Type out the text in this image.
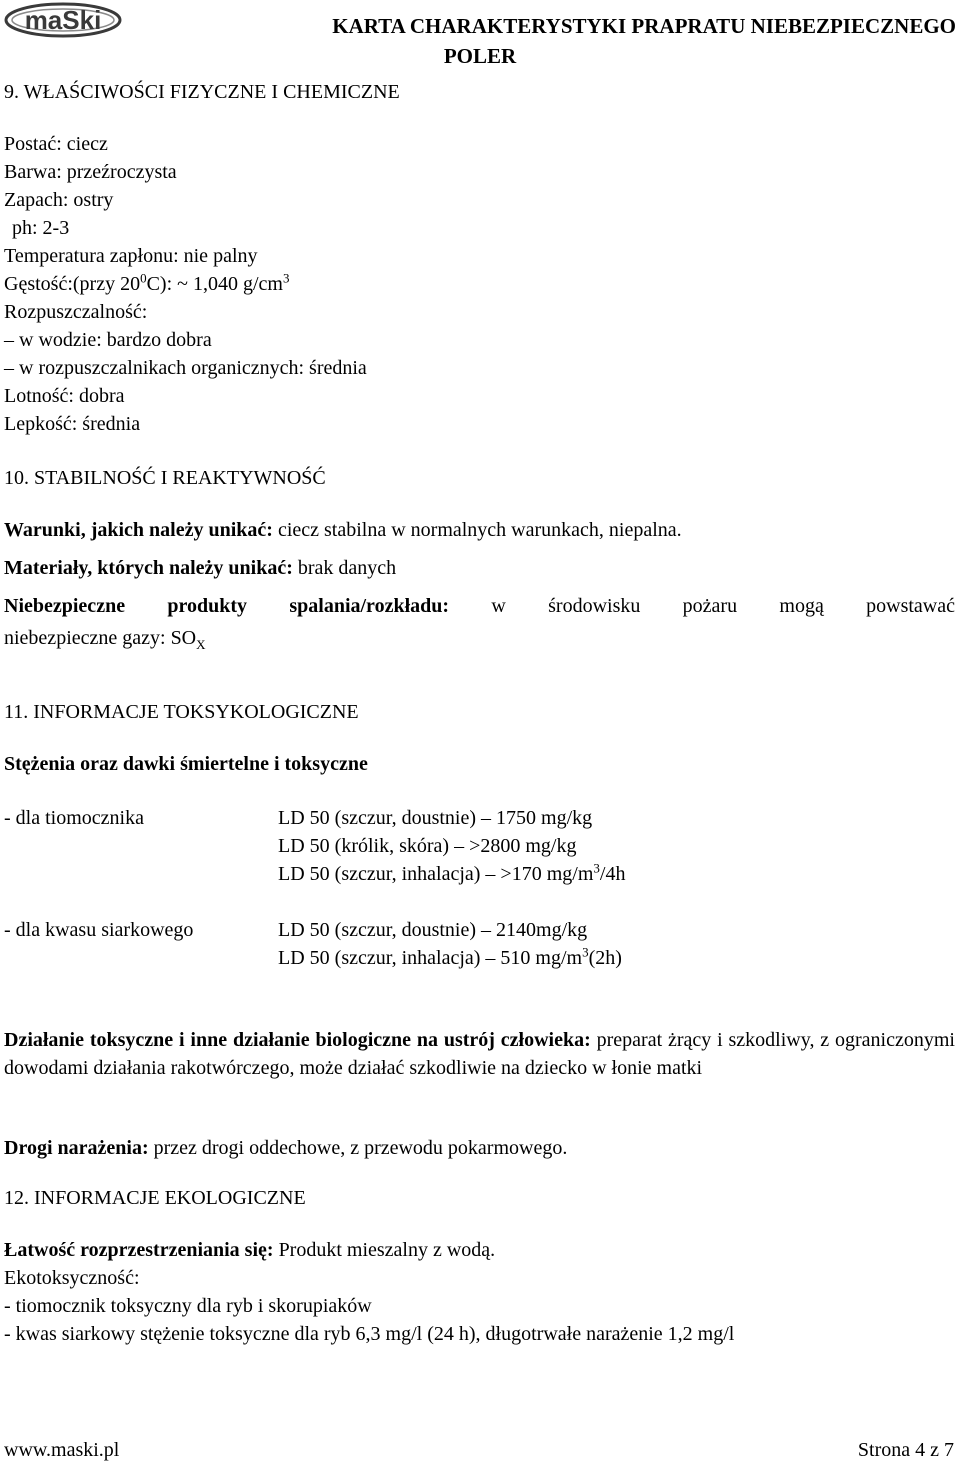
maSki	KARTA CHARAKTERYSTYKI PRAPRATU NIEBEZPIECZNEGO
POLER
9. WŁAŚCIWOŚCI FIZYCZNE I CHEMICZNE
Postać: ciecz
Barwa: przeźroczysta
Zapach: ostry
ph: 2-3
Temperatura zapłonu: nie palny
Gęstość:(przy $20^0C$): ~ 1,040 $g/cm^3$
Rozpuszczalność:
– w wodzie: bardzo dobra
– w rozpuszczalnikach organicznych: średnia
Lotność: dobra
Lepkość: średnia
10. STABILNOŚĆ I REAKTYWNOŚĆ
Warunki, jakich należy unikać: ciecz stabilna w normalnych warunkach, niepalna.
Materiały, których należy unikać: brak danych
Niebezpieczne produkty spalania/rozkładu: w środowisku pożaru mogą powstawać
niebezpieczne gazy: $SO_X$
11. INFORMACJE TOKSYKOLOGICZNE
Stężenia oraz dawki śmiertelne i toksyczne
- dla tiomocznika	LD 50 (szczur, doustnie) – 1750 mg/kg
LD 50 (królik, skóra) – >2800 mg/kg
LD 50 (szczur, inhalacja) – >170 $mg/m^3/4h$
- dla kwasu siarkowego	LD 50 (szczur, doustnie) – 2140mg/kg
LD 50 (szczur, inhalacja) – 510 $mg/m^3(2h)$
Działanie toksyczne i inne działanie biologiczne na ustrój człowieka: preparat żrący i szkodliwy, z ograniczonymi dowodami działania rakotwórczego, może działać szkodliwie na dziecko w łonie matki
Drogi narażenia: przez drogi oddechowe, z przewodu pokarmowego.
12. INFORMACJE EKOLOGICZNE
Łatwość rozprzestrzeniania się: Produkt mieszalny z wodą.
Ekotoksyczność:
- tiomocznik toksyczny dla ryb i skorupiaków
- kwas siarkowy stężenie toksyczne dla ryb 6,3 mg/l (24 h), długotrwałe narażenie 1,2 mg/l
www.maski.pl	Strona 4 z 7
